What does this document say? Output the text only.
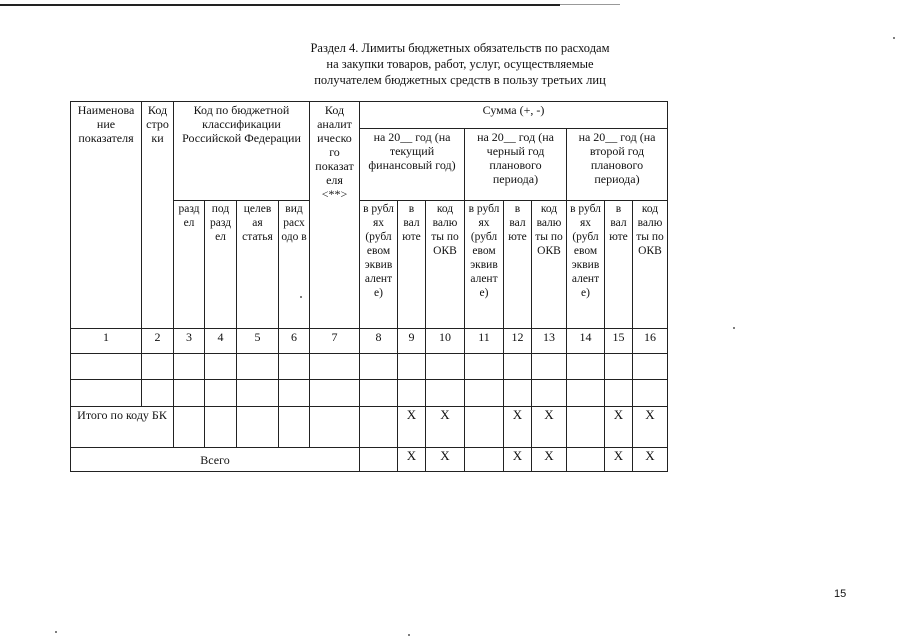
Раздел 4. Лимиты бюджетных обязательств по расходам
на закупки товаров, работ, услуг, осуществляемые
получателем бюджетных средств в пользу третьих лиц
Наименова ние показателя	Код стро ки	Код по бюджетной классификации Российской Федерации				Код аналит ическо го показат еля <**>	Сумма (+, -)								
							на 20__ год (на текущий финансовый год)			на 20__ год (на черный год планового периода)			на 20__ год (на второй год планового периода)		
		разд ел	под разд ел	целев ая статья	вид расх одо в		в рубл ях (рубл евом эквив алент е)	в вал юте	код валю ты по ОКВ	в рубл ях (рубл евом эквив алент е)	в вал юте	код валю ты по ОКВ	в рубл ях (рубл евом эквив алент е)	в вал юте	код валю ты по ОКВ
1	2	3	4	5	6	7	8	9	10	11	12	13	14	15	16

Итого по коду БК								X	X		X	X		X	X
Всего								X	X		X	X		X	X
15
